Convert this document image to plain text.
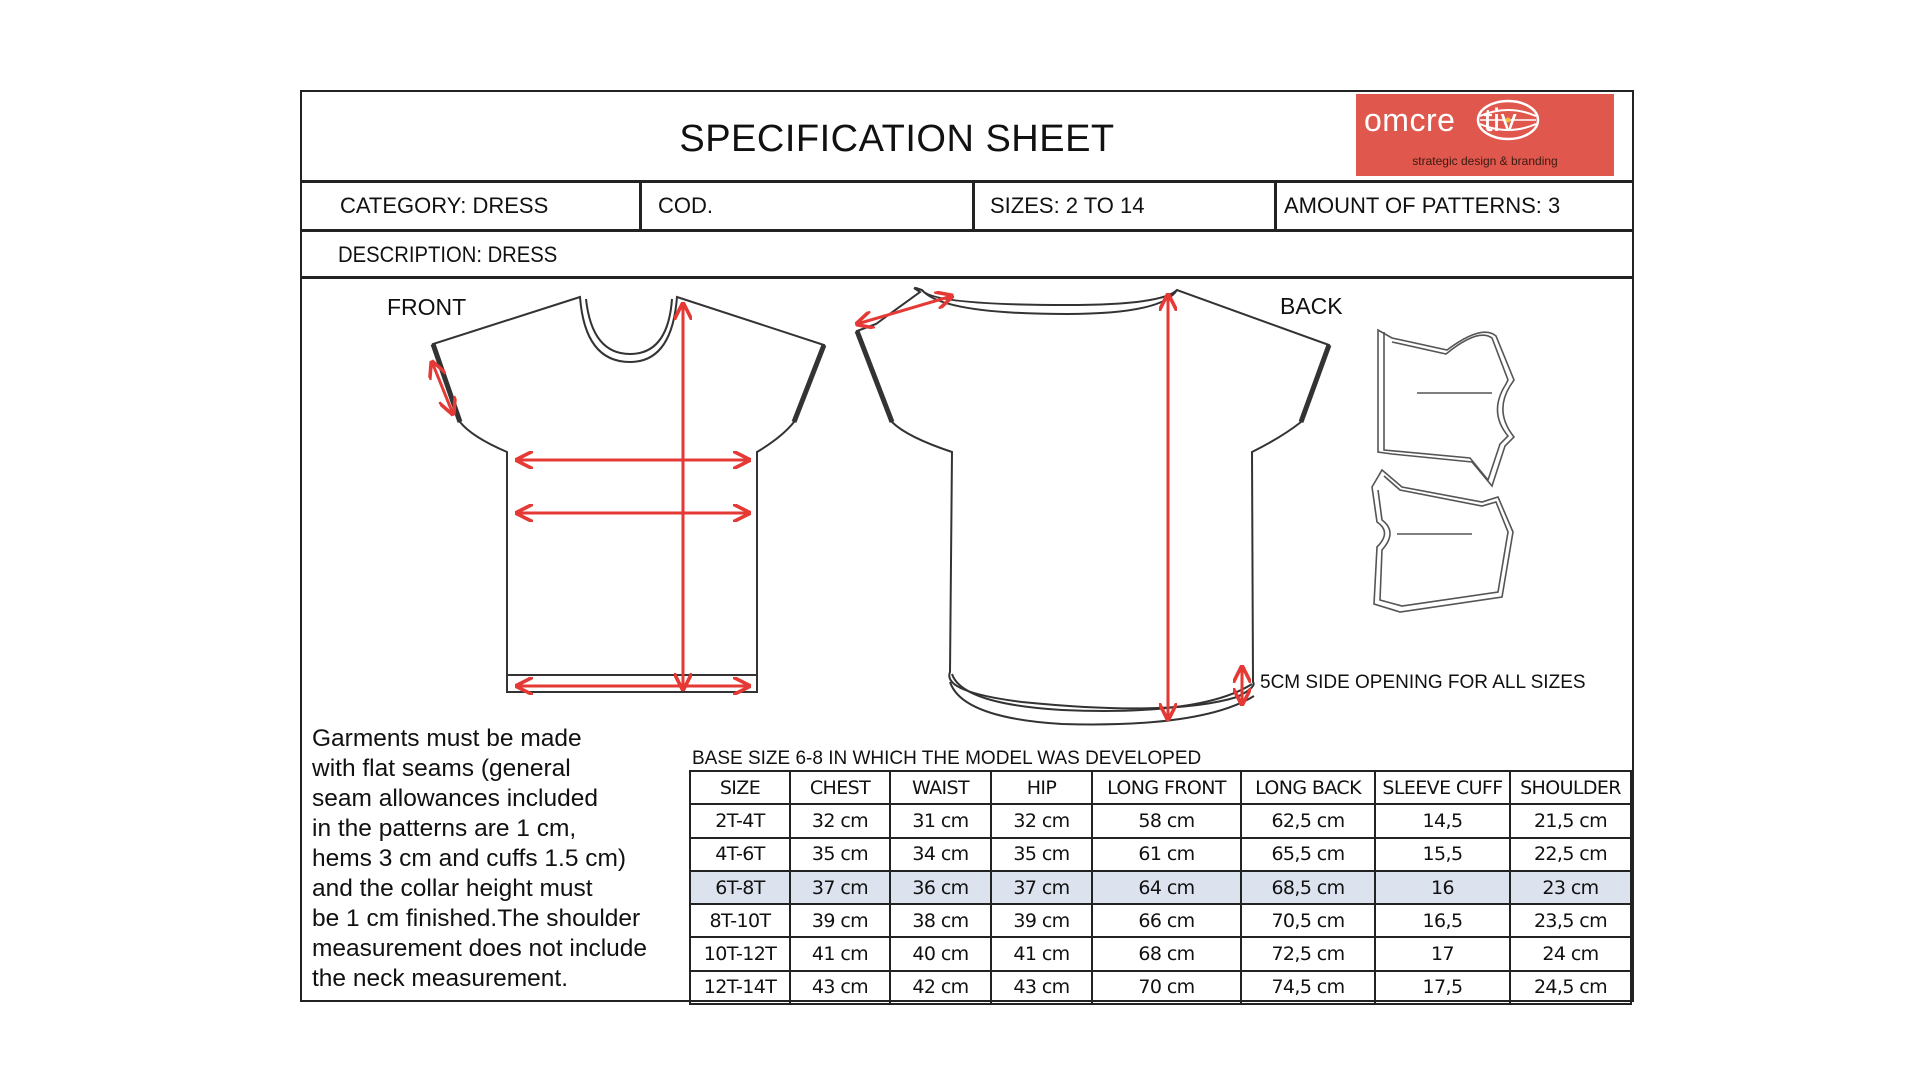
SPECIFICATION SHEET	omcre   tiv
strategic design & branding
CATEGORY: DRESS	COD.	SIZES: 2 TO 14	AMOUNT OF PATTERNS: 3
DESCRIPTION: DRESS
FRONT	BACK
5CM SIDE OPENING FOR ALL SIZES
Garments must be made
with flat seams (general
seam allowances included
in the patterns are 1 cm,
hems 3 cm and cuffs 1.5 cm)
and the collar height must
be 1 cm finished.The shoulder
measurement does not include
the neck measurement.
BASE SIZE 6-8 IN WHICH THE MODEL WAS DEVELOPED
SIZE	CHEST	WAIST	HIP	LONG FRONT	LONG BACK	SLEEVE CUFF	SHOULDER
2T-4T	32 cm	31 cm	32 cm	58 cm	62,5 cm	14,5	21,5 cm
4T-6T	35 cm	34 cm	35 cm	61 cm	65,5 cm	15,5	22,5 cm
6T-8T	37 cm	36 cm	37 cm	64 cm	68,5 cm	16	23 cm
8T-10T	39 cm	38 cm	39 cm	66 cm	70,5 cm	16,5	23,5 cm
10T-12T	41 cm	40 cm	41 cm	68 cm	72,5 cm	17	24 cm
12T-14T	43 cm	42 cm	43 cm	70 cm	74,5 cm	17,5	24,5 cm
